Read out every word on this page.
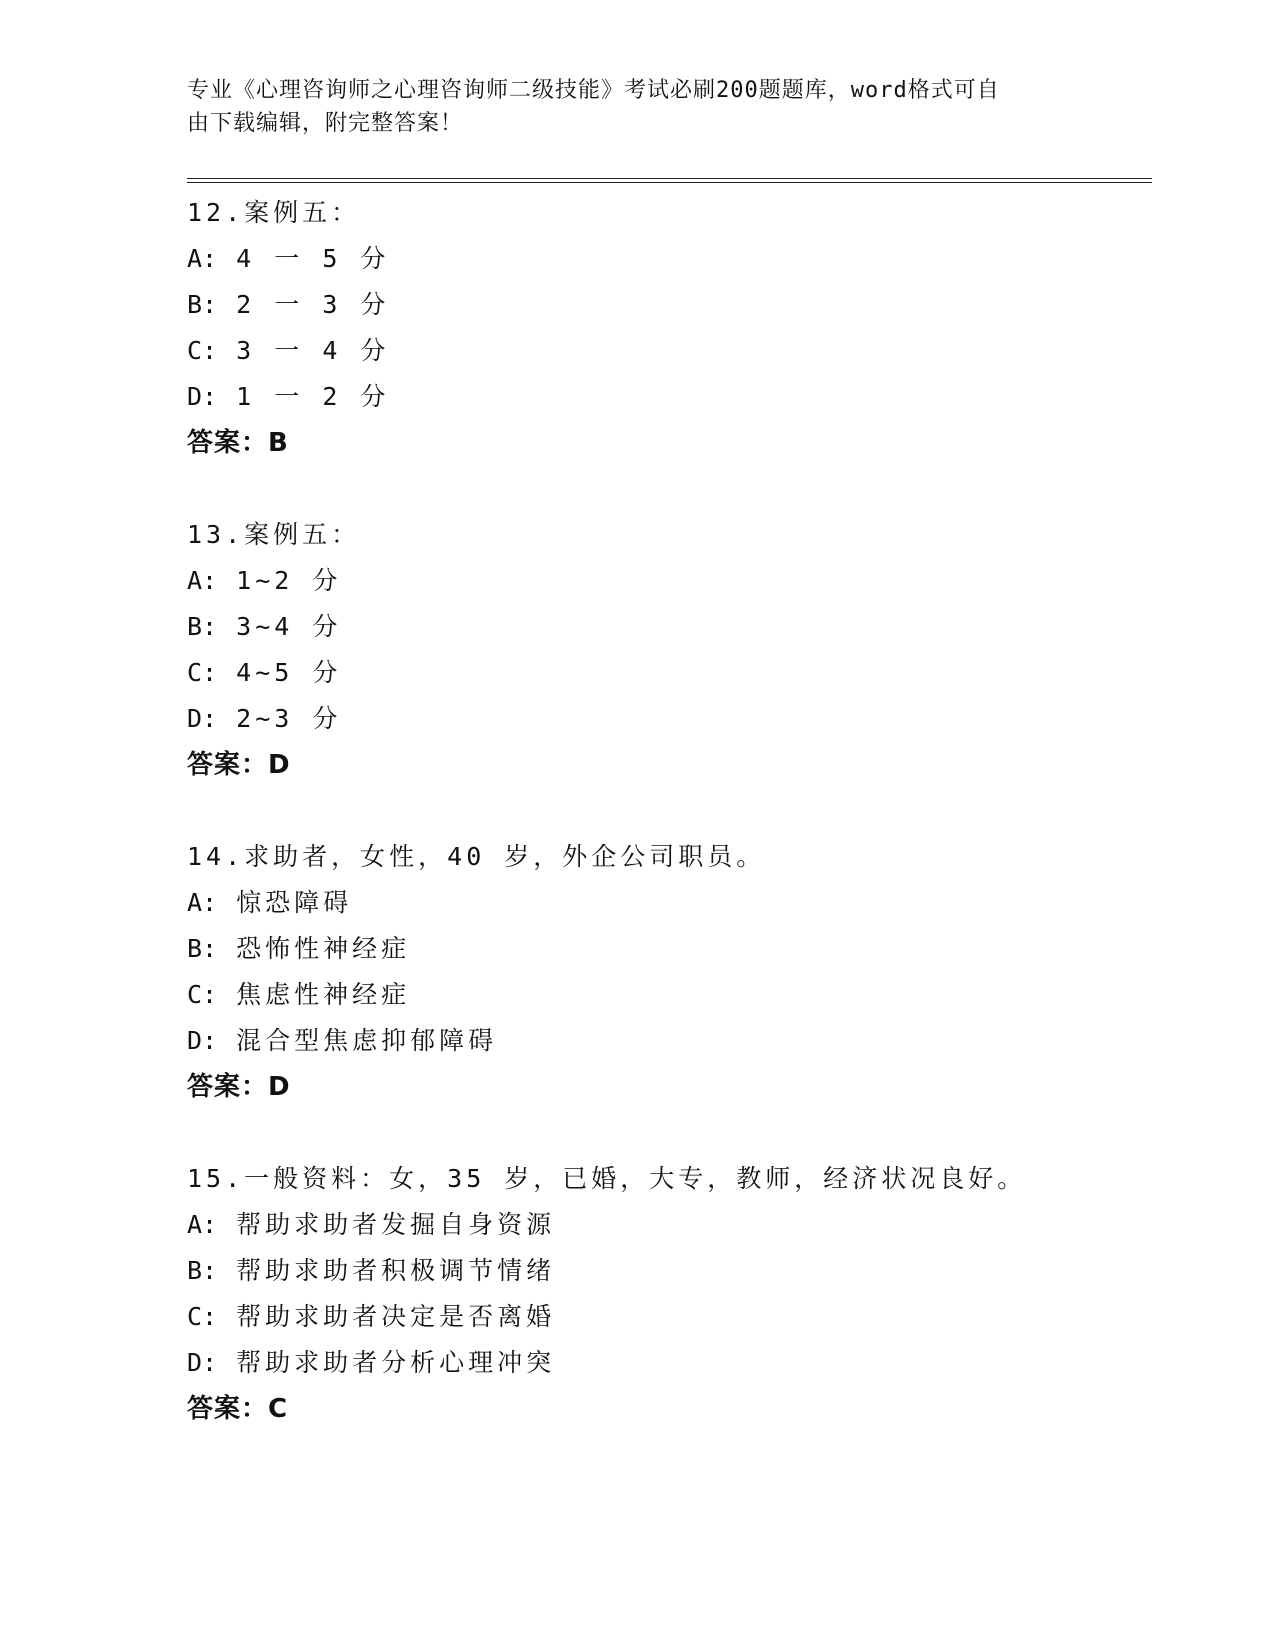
专业《心理咨询师之心理咨询师二级技能》考试必刷200题题库，word格式可自
由下载编辑，附完整答案！
12.案例五：
A: 4 一 5 分
B: 2 一 3 分
C: 3 一 4 分
D: 1 一 2 分
答案：B
13.案例五：
A: 1~2 分
B: 3~4 分
C: 4~5 分
D: 2~3 分
答案：D
14.求助者，女性，40 岁，外企公司职员。
A: 惊恐障碍
B: 恐怖性神经症
C: 焦虑性神经症
D: 混合型焦虑抑郁障碍
答案：D
15.一般资料：女，35 岁，已婚，大专，教师，经济状况良好。
A: 帮助求助者发掘自身资源
B: 帮助求助者积极调节情绪
C: 帮助求助者决定是否离婚
D: 帮助求助者分析心理冲突
答案：C
